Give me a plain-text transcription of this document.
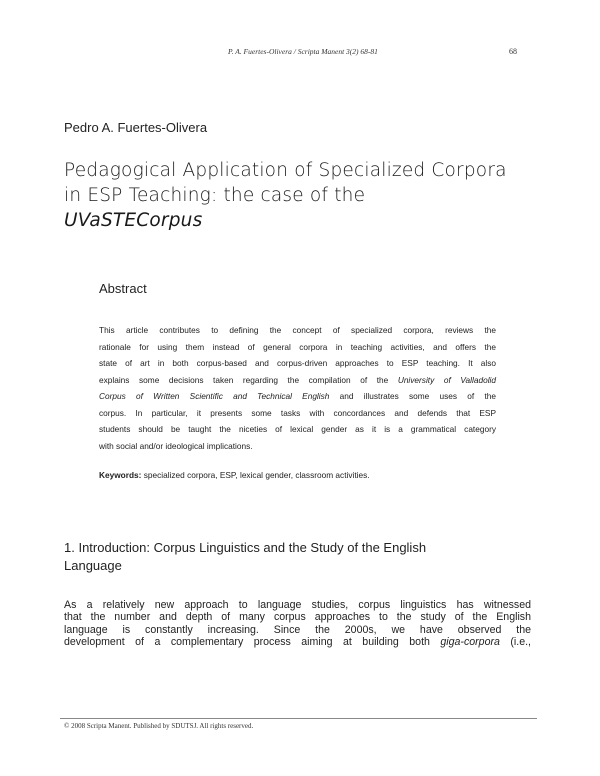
P. A. Fuertes-Olivera / Scripta Manent 3(2) 68-81	68
Pedro A. Fuertes-Olivera
Pedagogical Application of Specialized Corpora
in ESP Teaching: the case of the
UVaSTECorpus
Abstract
This article contributes to defining the concept of specialized corpora, reviews the
rationale for using them instead of general corpora in teaching activities, and offers the
state of art in both corpus-based and corpus-driven approaches to ESP teaching. It also
explains some decisions taken regarding the compilation of the University of Valladolid
Corpus of Written Scientific and Technical English and illustrates some uses of the
corpus. In particular, it presents some tasks with concordances and defends that ESP
students should be taught the niceties of lexical gender as it is a grammatical category
with social and/or ideological implications.
Keywords: specialized corpora, ESP, lexical gender, classroom activities.
1. Introduction: Corpus Linguistics and the Study of the English
Language
As a relatively new approach to language studies, corpus linguistics has witnessed
that the number and depth of many corpus approaches to the study of the English
language is constantly increasing. Since the 2000s, we have observed the
development of a complementary process aiming at building both giga-corpora (i.e.,
© 2008 Scripta Manent. Published by SDUTSJ. All rights reserved.
